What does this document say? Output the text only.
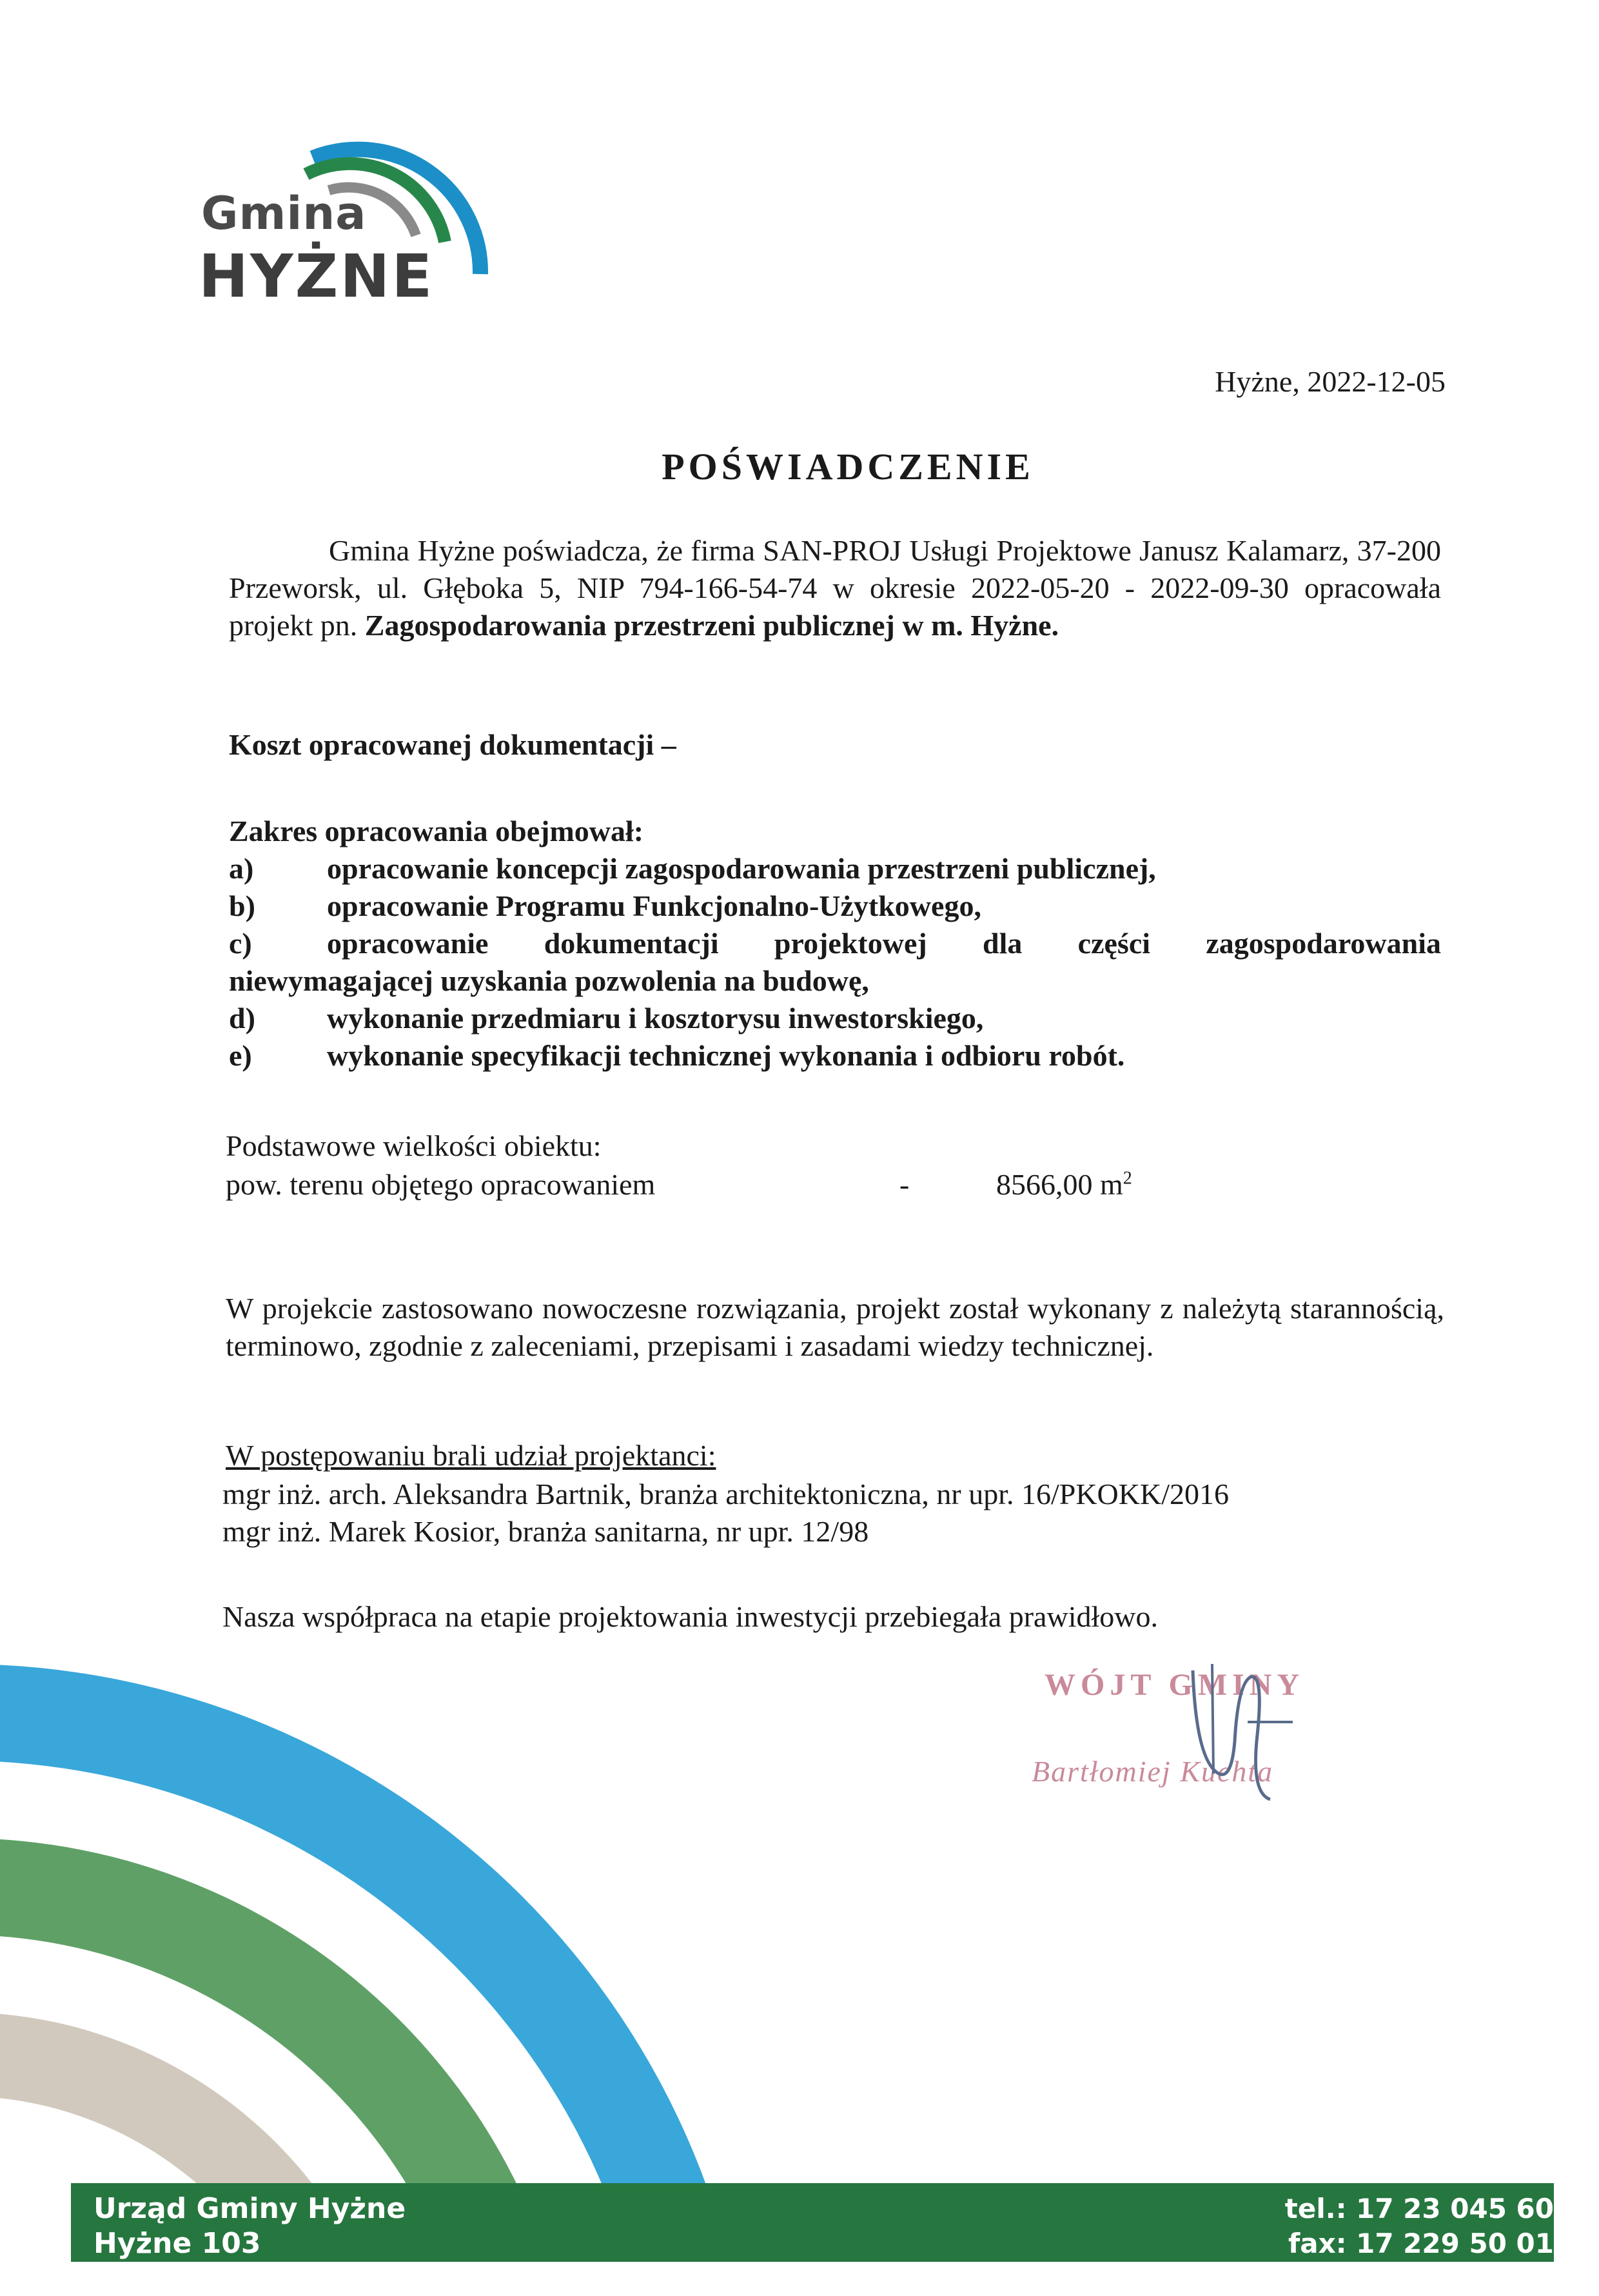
Gmina
HYŻNE
Hyżne, 2022-12-05
POŚWIADCZENIE
Gmina Hyżne poświadcza, że firma SAN-PROJ Usługi Projektowe Janusz Kalamarz, 37-200 Przeworsk, ul. Głęboka 5, NIP 794-166-54-74 w okresie 2022-05-20 - 2022-09-30 opracowała projekt pn. Zagospodarowania przestrzeni publicznej w m. Hyżne.
Koszt opracowanej dokumentacji –
Zakres opracowania obejmował:
a)	opracowanie koncepcji zagospodarowania przestrzeni publicznej,
b)	opracowanie Programu Funkcjonalno-Użytkowego,
c)	opracowanie dokumentacji projektowej dla części zagospodarowania
niewymagającej uzyskania pozwolenia na budowę,
d)	wykonanie przedmiaru i kosztorysu inwestorskiego,
e)	wykonanie specyfikacji technicznej wykonania i odbioru robót.
Podstawowe wielkości obiektu:
pow. terenu objętego opracowaniem	-	8566,00 $m^2$
W projekcie zastosowano nowoczesne rozwiązania, projekt został wykonany z należytą starannością, terminowo, zgodnie z zaleceniami, przepisami i zasadami wiedzy technicznej.
W postępowaniu brali udział projektanci:
mgr inż. arch. Aleksandra Bartnik, branża architektoniczna, nr upr. 16/PKOKK/2016
mgr inż. Marek Kosior, branża sanitarna, nr upr. 12/98
Nasza współpraca na etapie projektowania inwestycji przebiegała prawidłowo.
WÓJT GMINY
Bartłomiej Kuchta
Urząd Gminy Hyżne
Hyżne 103
36-024 Hyżne
tel.: 17 23 045 60
fax: 17 229 50 01
e-mail: gmina@hyzne.pl
